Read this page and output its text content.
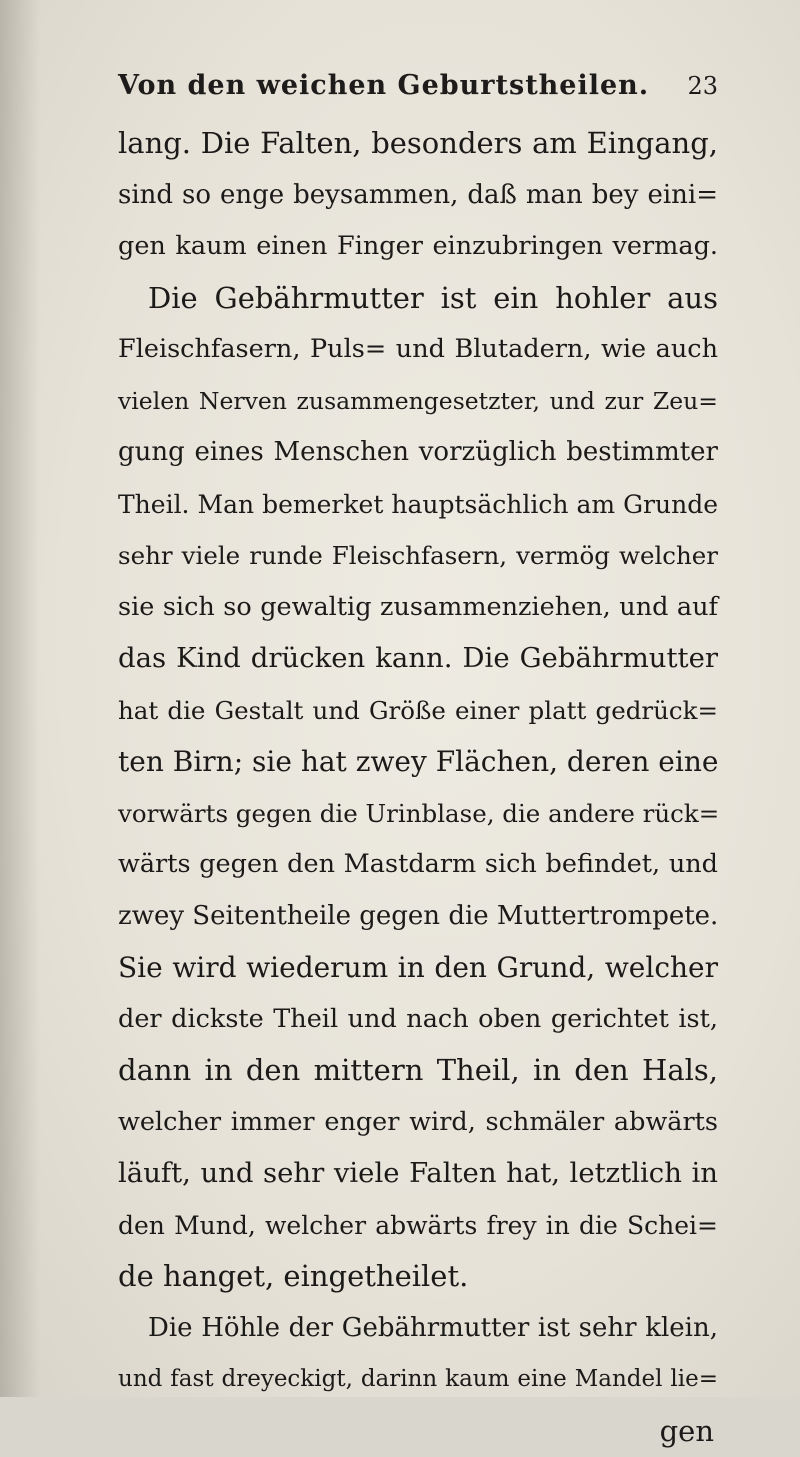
Von den weichen Geburtstheilen. 23
lang. Die Falten, besonders am Eingang,
sind so enge beysammen, daß man bey eini=
gen kaum einen Finger einzubringen vermag.
Die Gebährmutter ist ein hohler aus
Fleischfasern, Puls= und Blutadern, wie auch
vielen Nerven zusammengesetzter, und zur Zeu=
gung eines Menschen vorzüglich bestimmter
Theil. Man bemerket hauptsächlich am Grunde
sehr viele runde Fleischfasern, vermög welcher
sie sich so gewaltig zusammenziehen, und auf
das Kind drücken kann. Die Gebährmutter
hat die Gestalt und Größe einer platt gedrück=
ten Birn; sie hat zwey Flächen, deren eine
vorwärts gegen die Urinblase, die andere rück=
wärts gegen den Mastdarm sich befindet, und
zwey Seitentheile gegen die Muttertrompete.
Sie wird wiederum in den Grund, welcher
der dickste Theil und nach oben gerichtet ist,
dann in den mittern Theil, in den Hals,
welcher immer enger wird, schmäler abwärts
läuft, und sehr viele Falten hat, letztlich in
den Mund, welcher abwärts frey in die Schei=
de hanget, eingetheilet.
Die Höhle der Gebährmutter ist sehr klein,
und fast dreyeckigt, darinn kaum eine Mandel lie=
gen
